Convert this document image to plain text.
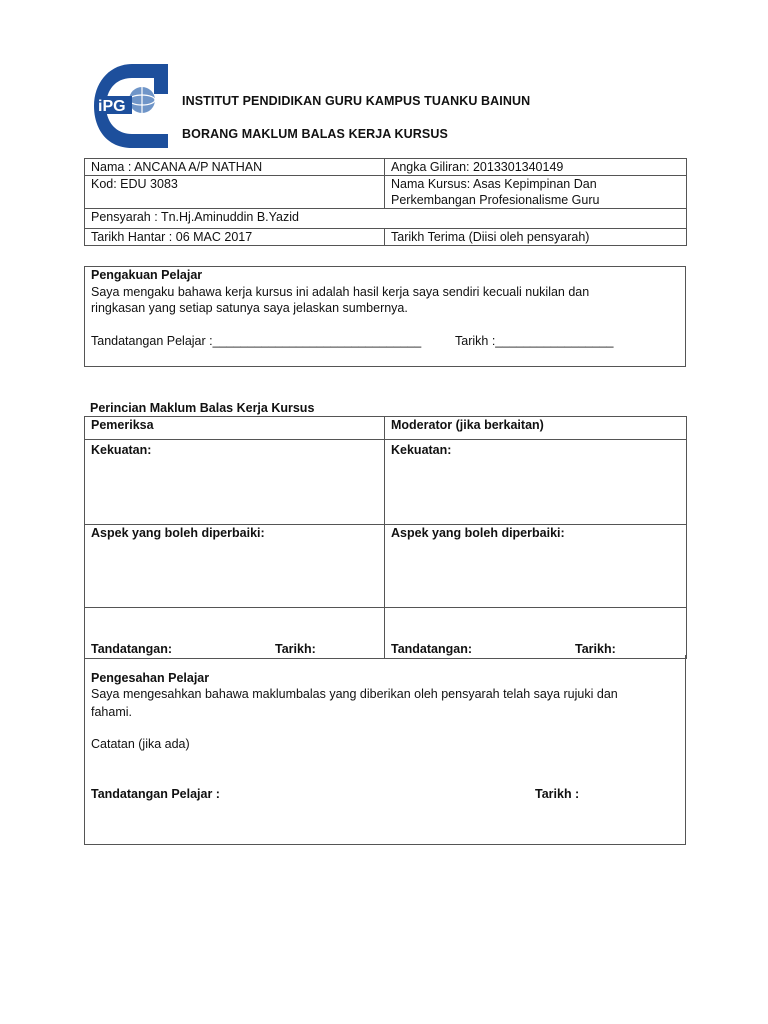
iPG	INSTITUT PENDIDIKAN GURU KAMPUS TUANKU BAINUN
BORANG MAKLUM BALAS KERJA KURSUS
Nama : ANCANA A/P NATHAN	Angka Giliran: 2013301340149
Kod: EDU 3083	Nama Kursus: Asas Kepimpinan Dan
Perkembangan Profesionalisme Guru

Pensyarah : Tn.Hj.Aminuddin B.Yazid	
Tarikh Hantar : 06 MAC 2017	Tarikh Terima (Diisi oleh pensyarah)
Pengakuan Pelajar
Saya mengaku bahawa kerja kursus ini adalah hasil kerja saya sendiri kecuali nukilan dan
ringkasan yang setiap satunya saya jelaskan sumbernya.
Tandatangan Pelajar :______________________________	Tarikh :_________________
Perincian Maklum Balas Kerja Kursus
Pemeriksa	Moderator (jika berkaitan)
Kekuatan:	Kekuatan:
Aspek yang boleh diperbaiki:	Aspek yang boleh diperbaiki:

Tandatangan: Tarikh:	Tandatangan: Tarikh:
Pengesahan Pelajar
Saya mengesahkan bahawa maklumbalas yang diberikan oleh pensyarah telah saya rujuki dan
fahami.
Catatan (jika ada)
Tandatangan Pelajar :	Tarikh :
